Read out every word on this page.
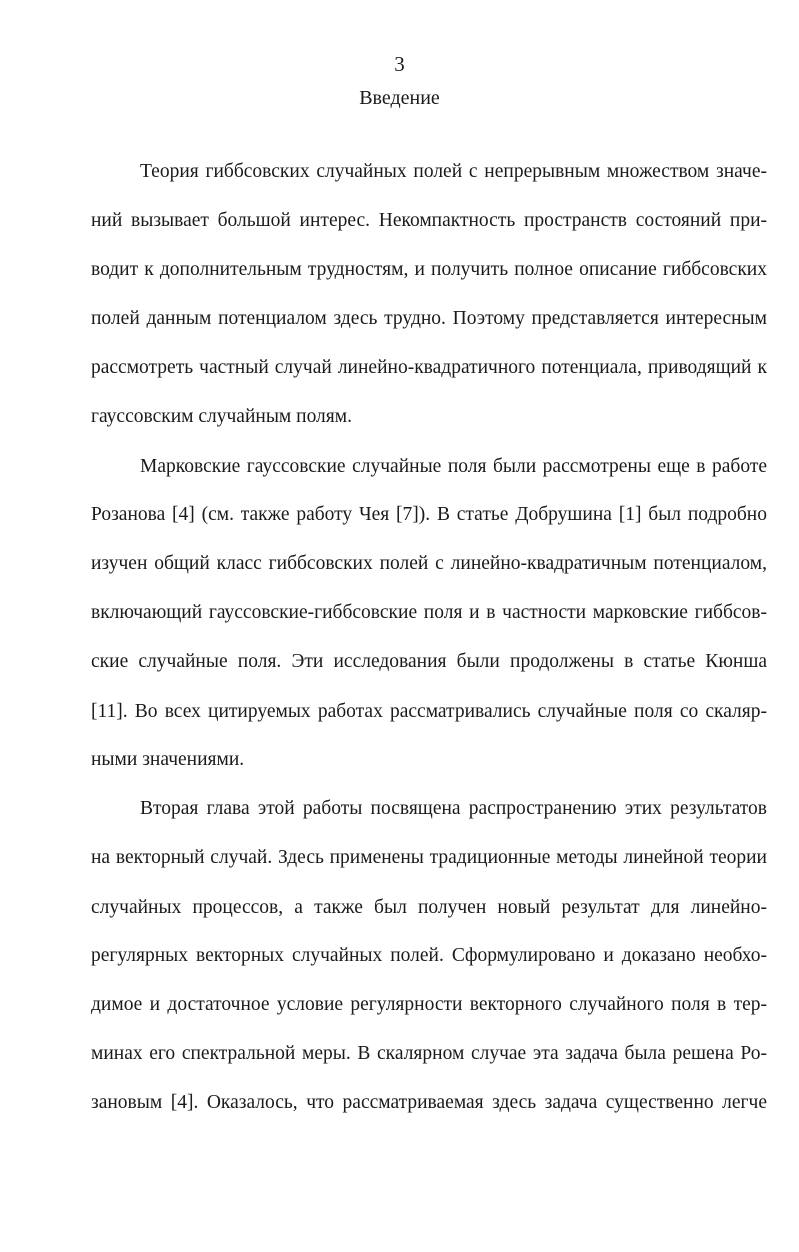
3
Введение
Теория гиббсовских случайных полей с непрерывным множеством значе-
ний вызывает большой интерес. Некомпактность пространств состояний при-
водит к дополнительным трудностям, и получить полное описание гиббсовских
полей данным потенциалом здесь трудно. Поэтому представляется интересным
рассмотреть частный случай линейно-квадратичного потенциала, приводящий к
гауссовским случайным полям.
Марковские гауссовские случайные поля были рассмотрены еще в работе
Розанова [4] (см. также работу Чея [7]). В статье Добрушина [1] был подробно
изучен общий класс гиббсовских полей с линейно-квадратичным потенциалом,
включающий гауссовские-гиббсовские поля и в частности марковские гиббсов-
ские случайные поля. Эти исследования были продолжены в статье Кюнша
[11]. Во всех цитируемых работах рассматривались случайные поля со скаляр-
ными значениями.
Вторая глава этой работы посвящена распространению этих результатов
на векторный случай. Здесь применены традиционные методы линейной теории
случайных процессов, а также был получен новый результат для линейно-
регулярных векторных случайных полей. Сформулировано и доказано необхо-
димое и достаточное условие регулярности векторного случайного поля в тер-
минах его спектральной меры. В скалярном случае эта задача была решена Ро-
зановым [4]. Оказалось, что рассматриваемая здесь задача существенно легче
